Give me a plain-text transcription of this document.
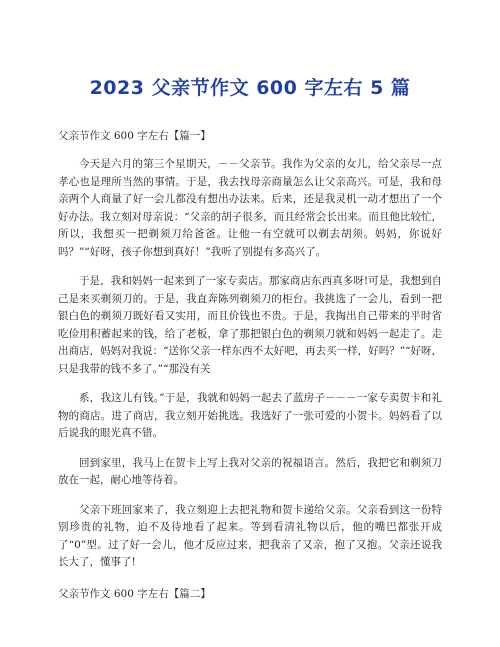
2023 父亲节作文 600 字左右 5 篇
父亲节作文 600 字左右【篇一】

今天是六月的第三个星期天，－－父亲节。我作为父亲的女儿，给父亲尽一点孝心也是理所当然的事情。于是，我去找母亲商量怎么让父亲高兴。可是，我和母亲两个人商量了好一会儿都没有想出办法来。后来，还是我灵机一动才想出了一个好办法。我立刻对母亲说：“父亲的胡子很多，而且经常会长出来。而且他比较忙，所以，我想买一把剃须刀给爸爸。让他一有空就可以剃去胡须。妈妈，你说好吗？”“好呀，孩子你想到真好！”我听了别提有多高兴了。

于是，我和妈妈一起来到了一家专卖店。那家商店东西真多呀!可是，我想到自己是来买剃须刀的。于是，我直奔陈列剃须刀的柜台。我挑选了一会儿，看到一把银白色的剃须刀既好看又实用，而且价钱也不贵。于是，我掏出自己带来的平时省吃俭用积蓄起来的钱，给了老板，拿了那把银白色的剃须刀就和妈妈一起走了。走出商店，妈妈对我说：“送你父亲一样东西不太好吧，再去买一样，好吗？”“好呀，只是我带的钱不多了。”“那没有关

系，我这儿有钱。”于是，我就和妈妈一起去了蓝房子－－－一家专卖贺卡和礼物的商店。进了商店，我立刻开始挑选。我选好了一张可爱的小贺卡。妈妈看了以后说我的眼光真不错。

回到家里，我马上在贺卡上写上我对父亲的祝福语言。然后，我把它和剃须刀放在一起，耐心地等待着。

父亲下班回家来了，我立刻迎上去把礼物和贺卡递给父亲。父亲看到这一份特别珍贵的礼物，迫不及待地看了起来。等到看清礼物以后，他的嘴巴都张开成了“0”型。过了好一会儿，他才反应过来，把我亲了又亲，抱了又抱。父亲还说我长大了，懂事了!

父亲节作文 600 字左右【篇二】
